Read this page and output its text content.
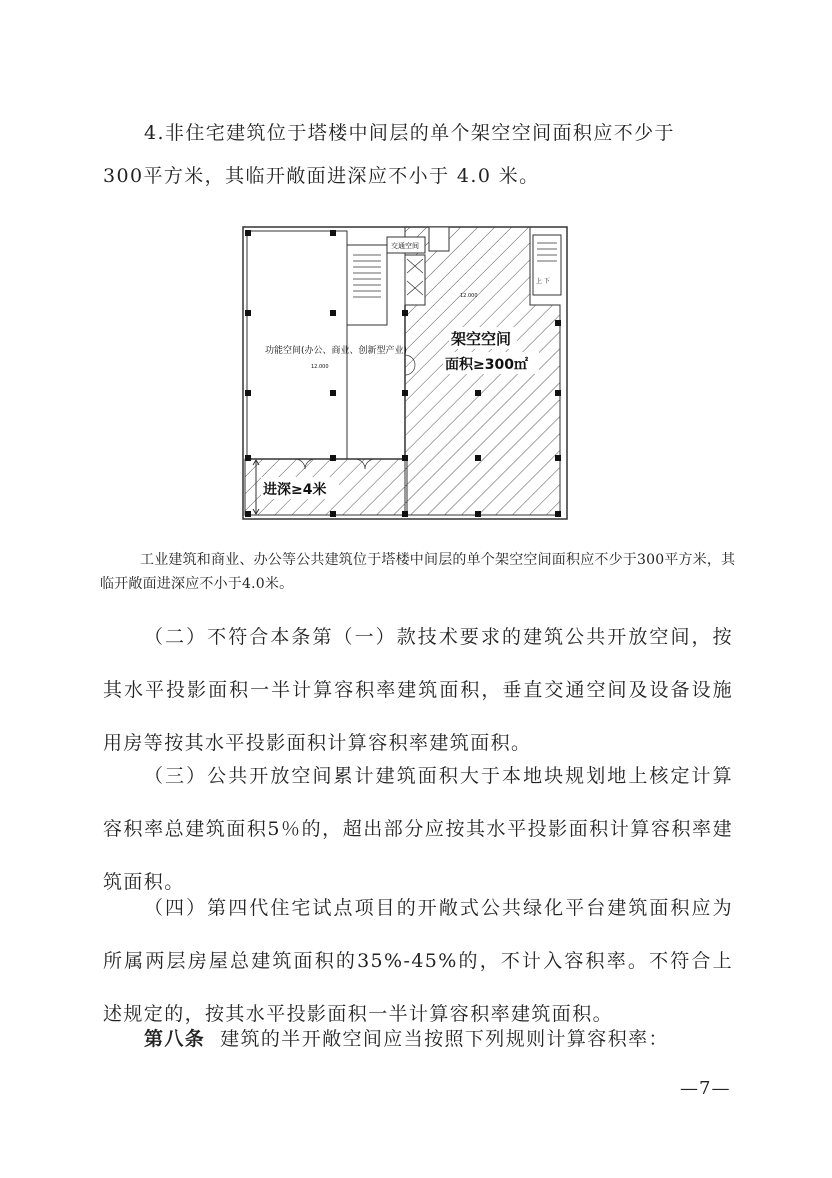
4.非住宅建筑位于塔楼中间层的单个架空空间面积应不少于

300平方米，其临开敞面进深应不小于 4.0 米。

交通空间
上 下
进深≥4米
功能空间(办公、商业、创新型产业)
12.000
12.000
架空空间
面积≥300㎡

工业建筑和商业、办公等公共建筑位于塔楼中间层的单个架空空间面积应不少于300平方米，其临开敞面进深应不小于4.0米。

（二）不符合本条第（一）款技术要求的建筑公共开放空间，按其水平投影面积一半计算容积率建筑面积，垂直交通空间及设备设施用房等按其水平投影面积计算容积率建筑面积。

（三）公共开放空间累计建筑面积大于本地块规划地上核定计算容积率总建筑面积5％的，超出部分应按其水平投影面积计算容积率建筑面积。

（四）第四代住宅试点项目的开敞式公共绿化平台建筑面积应为所属两层房屋总建筑面积的35%-45%的，不计入容积率。不符合上述规定的，按其水平投影面积一半计算容积率建筑面积。

第八条 建筑的半开敞空间应当按照下列规则计算容积率：

—7—
